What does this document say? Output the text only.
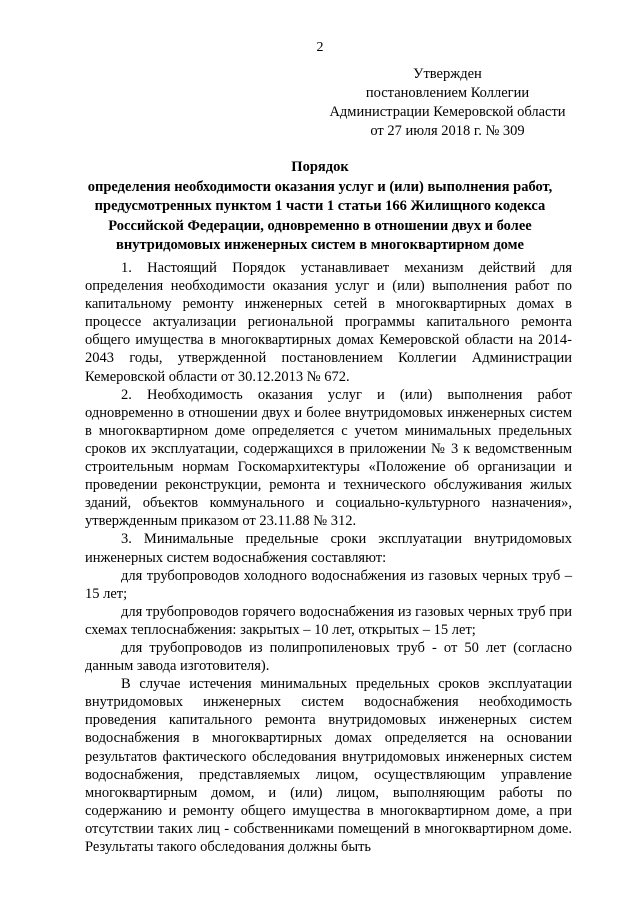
2
Утвержден
постановлением Коллегии
Администрации Кемеровской области
от 27 июля 2018 г. № 309
Порядок
определения необходимости оказания услуг и (или) выполнения работ,
предусмотренных пунктом 1 части 1 статьи 166 Жилищного кодекса
Российской Федерации, одновременно в отношении двух и более
внутридомовых инженерных систем в многоквартирном доме

1. Настоящий Порядок устанавливает механизм действий для определения необходимости оказания услуг и (или) выполнения работ по капитальному ремонту инженерных сетей в многоквартирных домах в процессе актуализации региональной программы капитального ремонта общего имущества в многоквартирных домах Кемеровской области на 2014-2043 годы, утвержденной постановлением Коллегии Администрации Кемеровской области от 30.12.2013 № 672.

2. Необходимость оказания услуг и (или) выполнения работ одновременно в отношении двух и более внутридомовых инженерных систем в многоквартирном доме определяется с учетом минимальных предельных сроков их эксплуатации, содержащихся в приложении № 3 к ведомственным строительным нормам Госкомархитектуры «Положение об организации и проведении реконструкции, ремонта и технического обслуживания жилых зданий, объектов коммунального и социально-культурного назначения», утвержденным приказом от 23.11.88 № 312.

3. Минимальные предельные сроки эксплуатации внутридомовых инженерных систем водоснабжения составляют:

для трубопроводов холодного водоснабжения из газовых черных труб – 15 лет;

для трубопроводов горячего водоснабжения из газовых черных труб при схемах теплоснабжения: закрытых – 10 лет, открытых – 15 лет;

для трубопроводов из полипропиленовых труб - от 50 лет (согласно данным завода изготовителя).

В случае истечения минимальных предельных сроков эксплуатации внутридомовых инженерных систем водоснабжения необходимость проведения капитального ремонта внутридомовых инженерных систем водоснабжения в многоквартирных домах определяется на основании результатов фактического обследования внутридомовых инженерных систем водоснабжения, представляемых лицом, осуществляющим управление многоквартирным домом, и (или) лицом, выполняющим работы по содержанию и ремонту общего имущества в многоквартирном доме, а при отсутствии таких лиц - собственниками помещений в многоквартирном доме. Результаты такого обследования должны быть
